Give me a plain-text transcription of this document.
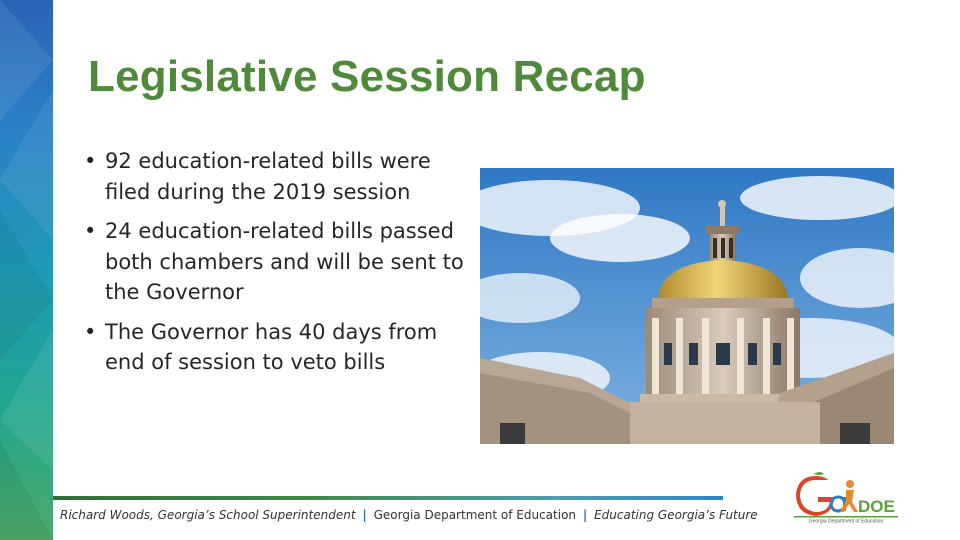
Legislative Session Recap
• 92 education-related bills were filed during the 2019 session
• 24 education-related bills passed both chambers and will be sent to the Governor
• The Governor has 40 days from end of session to veto bills
Richard Woods, Georgia’s School Superintendent | Georgia Department of Education | Educating Georgia’s Future	DOE
Georgia Department of Education
